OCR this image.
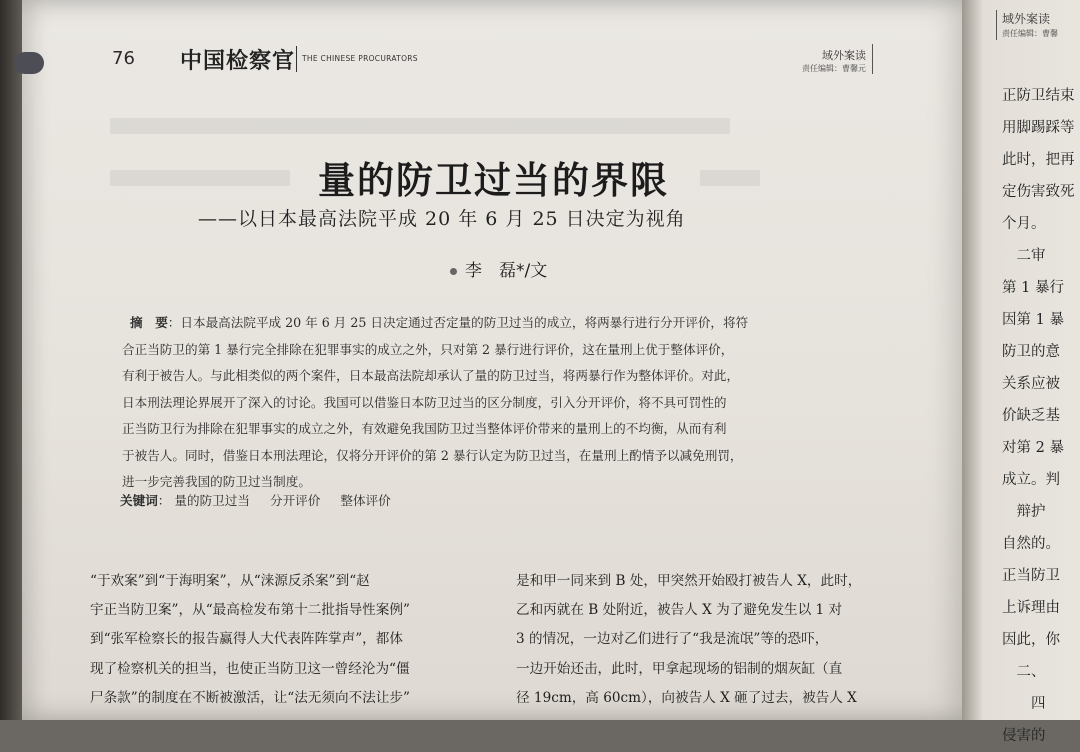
76 中国检察官 THE CHINESE PROCURATORS	域外案读
责任编辑：曹馨元
量的防卫过当的界限
——以日本最高法院平成 20 年 6 月 25 日决定为视角
李　磊*/文
摘　要：日本最高法院平成 20 年 6 月 25 日决定通过否定量的防卫过当的成立，将两暴行进行分开评价，将符
合正当防卫的第 1 暴行完全排除在犯罪事实的成立之外，只对第 2 暴行进行评价，这在量刑上优于整体评价，
有利于被告人。与此相类似的两个案件，日本最高法院却承认了量的防卫过当，将两暴行作为整体评价。对此，
日本刑法理论界展开了深入的讨论。我国可以借鉴日本防卫过当的区分制度，引入分开评价，将不具可罚性的
正当防卫行为排除在犯罪事实的成立之外，有效避免我国防卫过当整体评价带来的量刑上的不均衡，从而有利
于被告人。同时，借鉴日本刑法理论，仅将分开评价的第 2 暴行认定为防卫过当，在量刑上酌情予以减免刑罚，
进一步完善我国的防卫过当制度。
关键词： 量的防卫过当 分开评价 整体评价
“于欢案”到“于海明案”，从“涞源反杀案”到“赵
宇正当防卫案”，从“最高检发布第十二批指导性案例”
到“张军检察长的报告赢得人大代表阵阵掌声”，都体
现了检察机关的担当，也使正当防卫这一曾经沦为“僵
尸条款”的制度在不断被激活，让“法无须向不法让步”
是和甲一同来到 B 处，甲突然开始殴打被告人 X，此时，
乙和丙就在 B 处附近，被告人 X 为了避免发生以 1 对
3 的情况，一边对乙们进行了“我是流氓”等的恐吓，
一边开始还击，此时，甲拿起现场的铝制的烟灰缸（直
径 19cm，高 60cm），向被告人 X 砸了过去，被告人 X
域外案读
责任编辑：曹馨
正防卫结束
用脚踢踩等
此时，把再
定伤害致死
个月。
　二审
第 1 暴行
因第 1 暴
防卫的意
关系应被
价缺乏基
对第 2 暴
成立。判
　辩护
自然的。
正当防卫
上诉理由
因此，你
　二、
　　四
侵害的
